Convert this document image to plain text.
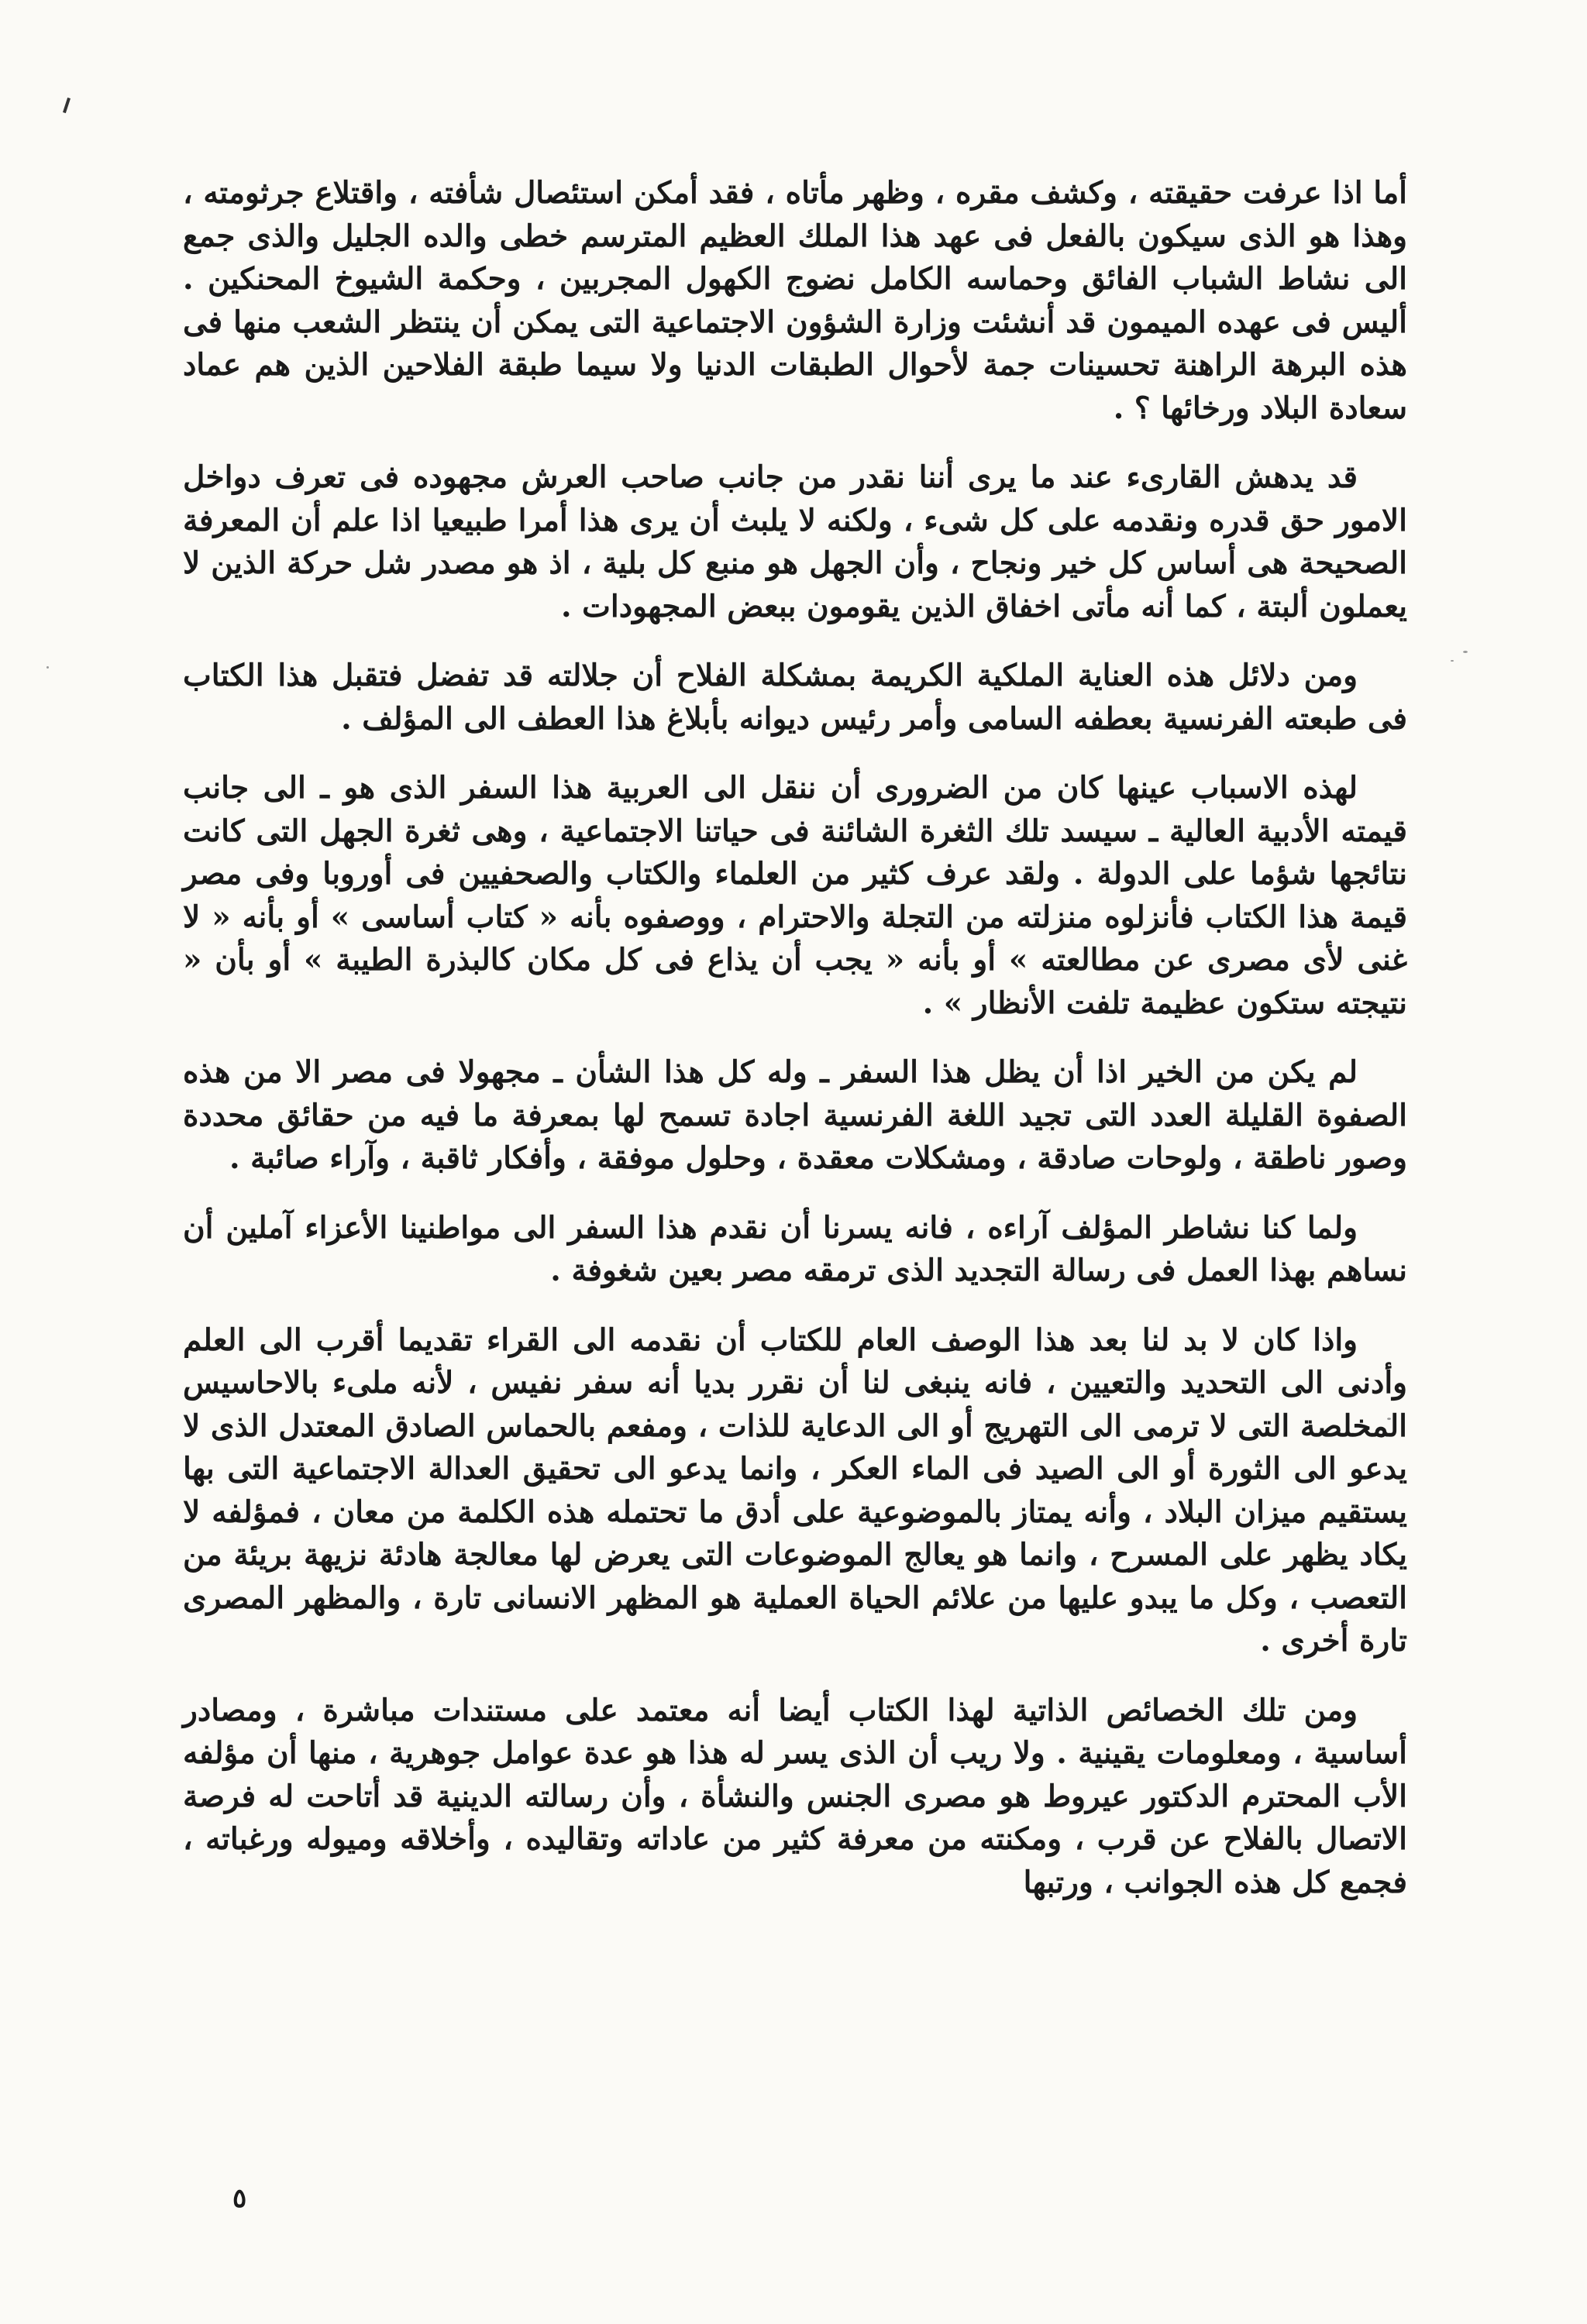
أما اذا عرفت حقيقته ، وكشف مقره ، وظهر مأتاه ، فقد أمكن استئصال شأفته ، واقتلاع جرثومته ، وهذا هو الذى سيكون بالفعل فى عهد هذا الملك العظيم المترسم خطى والده الجليل والذى جمع الى نشاط الشباب الفائق وحماسه الكامل نضوج الكهول المجربين ، وحكمة الشيوخ المحنكين . أليس فى عهده الميمون قد أنشئت وزارة الشؤون الاجتماعية التى يمكن أن ينتظر الشعب منها فى هذه البرهة الراهنة تحسينات جمة لأحوال الطبقات الدنيا ولا سيما طبقة الفلاحين الذين هم عماد سعادة البلاد ورخائها ؟ .

قد يدهش القارىء عند ما يرى أننا نقدر من جانب صاحب العرش مجهوده فى تعرف دواخل الامور حق قدره ونقدمه على كل شىء ، ولكنه لا يلبث أن يرى هذا أمرا طبيعيا اذا علم أن المعرفة الصحيحة هى أساس كل خير ونجاح ، وأن الجهل هو منبع كل بلية ، اذ هو مصدر شل حركة الذين لا يعملون ألبتة ، كما أنه مأتى اخفاق الذين يقومون ببعض المجهودات .

ومن دلائل هذه العناية الملكية الكريمة بمشكلة الفلاح أن جلالته قد تفضل فتقبل هذا الكتاب فى طبعته الفرنسية بعطفه السامى وأمر رئيس ديوانه بأبلاغ هذا العطف الى المؤلف .

لهذه الاسباب عينها كان من الضرورى أن ننقل الى العربية هذا السفر الذى هو ـ الى جانب قيمته الأدبية العالية ـ سيسد تلك الثغرة الشائنة فى حياتنا الاجتماعية ، وهى ثغرة الجهل التى كانت نتائجها شؤما على الدولة . ولقد عرف كثير من العلماء والكتاب والصحفيين فى أوروبا وفى مصر قيمة هذا الكتاب فأنزلوه منزلته من التجلة والاحترام ، ووصفوه بأنه « كتاب أساسى » أو بأنه « لا غنى لأى مصرى عن مطالعته » أو بأنه « يجب أن يذاع فى كل مكان كالبذرة الطيبة » أو بأن « نتيجته ستكون عظيمة تلفت الأنظار » .

لم يكن من الخير اذا أن يظل هذا السفر ـ وله كل هذا الشأن ـ مجهولا فى مصر الا من هذه الصفوة القليلة العدد التى تجيد اللغة الفرنسية اجادة تسمح لها بمعرفة ما فيه من حقائق محددة وصور ناطقة ، ولوحات صادقة ، ومشكلات معقدة ، وحلول موفقة ، وأفكار ثاقبة ، وآراء صائبة .

ولما كنا نشاطر المؤلف آراءه ، فانه يسرنا أن نقدم هذا السفر الى مواطنينا الأعزاء آملين أن نساهم بهذا العمل فى رسالة التجديد الذى ترمقه مصر بعين شغوفة .

واذا كان لا بد لنا بعد هذا الوصف العام للكتاب أن نقدمه الى القراء تقديما أقرب الى العلم وأدنى الى التحديد والتعيين ، فانه ينبغى لنا أن نقرر بديا أنه سفر نفيس ، لأنه ملىء بالاحاسيس المخلصة التى لا ترمى الى التهريج أو الى الدعاية للذات ، ومفعم بالحماس الصادق المعتدل الذى لا يدعو الى الثورة أو الى الصيد فى الماء العكر ، وانما يدعو الى تحقيق العدالة الاجتماعية التى بها يستقيم ميزان البلاد ، وأنه يمتاز بالموضوعية على أدق ما تحتمله هذه الكلمة من معان ، فمؤلفه لا يكاد يظهر على المسرح ، وانما هو يعالج الموضوعات التى يعرض لها معالجة هادئة نزيهة بريئة من التعصب ، وكل ما يبدو عليها من علائم الحياة العملية هو المظهر الانسانى تارة ، والمظهر المصرى تارة أخرى .

ومن تلك الخصائص الذاتية لهذا الكتاب أيضا أنه معتمد على مستندات مباشرة ، ومصادر أساسية ، ومعلومات يقينية . ولا ريب أن الذى يسر له هذا هو عدة عوامل جوهرية ، منها أن مؤلفه الأب المحترم الدكتور عيروط هو مصرى الجنس والنشأة ، وأن رسالته الدينية قد أتاحت له فرصة الاتصال بالفلاح عن قرب ، ومكنته من معرفة كثير من عاداته وتقاليده ، وأخلاقه وميوله ورغباته ، فجمع كل هذه الجوانب ، ورتبها

٥
